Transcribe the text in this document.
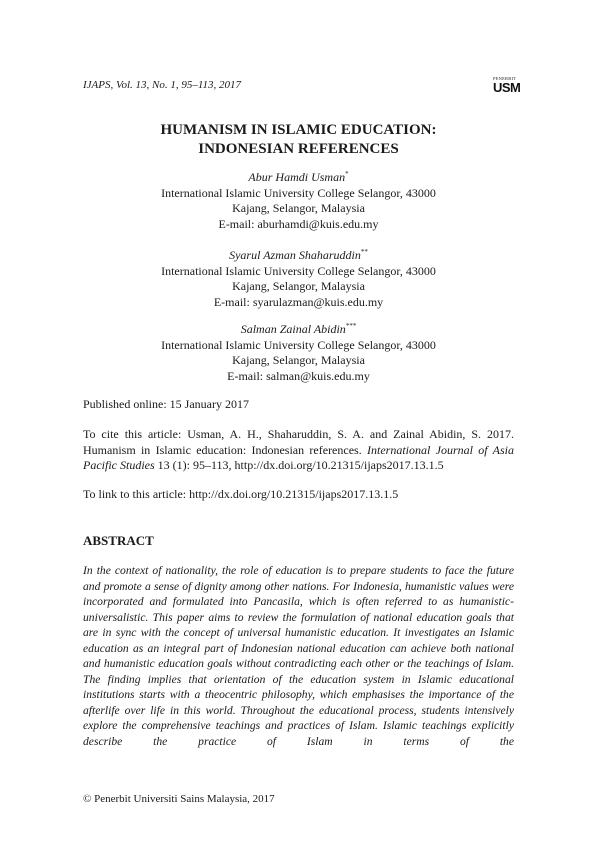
IJAPS, Vol. 13, No. 1, 95–113, 2017
PENERBIT
USM
HUMANISM IN ISLAMIC EDUCATION:
INDONESIAN REFERENCES
Abur Hamdi Usman*
International Islamic University College Selangor, 43000
Kajang, Selangor, Malaysia
E-mail: aburhamdi@kuis.edu.my
Syarul Azman Shaharuddin**
International Islamic University College Selangor, 43000
Kajang, Selangor, Malaysia
E-mail: syarulazman@kuis.edu.my
Salman Zainal Abidin***
International Islamic University College Selangor, 43000
Kajang, Selangor, Malaysia
E-mail: salman@kuis.edu.my
Published online: 15 January 2017
To cite this article: Usman, A. H., Shaharuddin, S. A. and Zainal Abidin, S. 2017. Humanism in Islamic education: Indonesian references. International Journal of Asia Pacific Studies 13 (1): 95–113, http://dx.doi.org/10.21315/ijaps2017.13.1.5
To link to this article: http://dx.doi.org/10.21315/ijaps2017.13.1.5
ABSTRACT
In the context of nationality, the role of education is to prepare students to face the future and promote a sense of dignity among other nations. For Indonesia, humanistic values were incorporated and formulated into Pancasila, which is often referred to as humanistic-universalistic. This paper aims to review the formulation of national education goals that are in sync with the concept of universal humanistic education. It investigates an Islamic education as an integral part of Indonesian national education can achieve both national and humanistic education goals without contradicting each other or the teachings of Islam. The finding implies that orientation of the education system in Islamic educational institutions starts with a theocentric philosophy, which emphasises the importance of the afterlife over life in this world. Throughout the educational process, students intensively explore the comprehensive teachings and practices of Islam. Islamic teachings explicitly describe the practice of Islam in terms of the
© Penerbit Universiti Sains Malaysia, 2017
